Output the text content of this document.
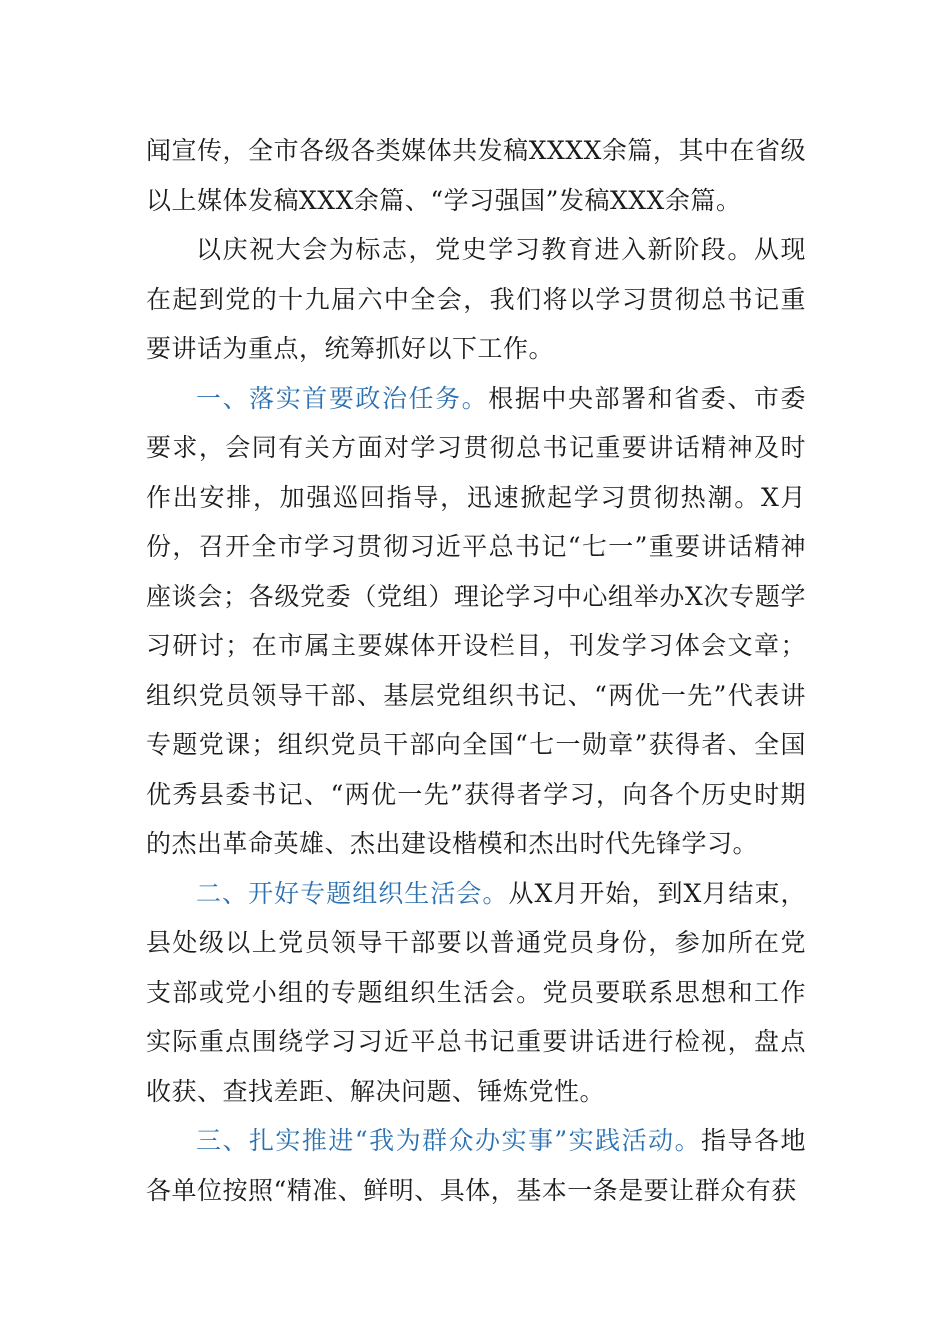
闻宣传，全市各级各类媒体共发稿XXXX余篇，其中在省级以上媒体发稿XXX余篇、“学习强国”发稿XXX余篇。

以庆祝大会为标志，党史学习教育进入新阶段。从现在起到党的十九届六中全会，我们将以学习贯彻总书记重要讲话为重点，统筹抓好以下工作。

一、落实首要政治任务。根据中央部署和省委、市委要求，会同有关方面对学习贯彻总书记重要讲话精神及时作出安排，加强巡回指导，迅速掀起学习贯彻热潮。X月份，召开全市学习贯彻习近平总书记“七一”重要讲话精神座谈会；各级党委（党组）理论学习中心组举办X次专题学习研讨；在市属主要媒体开设栏目，刊发学习体会文章；组织党员领导干部、基层党组织书记、“两优一先”代表讲专题党课；组织党员干部向全国“七一勋章”获得者、全国优秀县委书记、“两优一先”获得者学习，向各个历史时期的杰出革命英雄、杰出建设楷模和杰出时代先锋学习。

二、开好专题组织生活会。从X月开始，到X月结束，县处级以上党员领导干部要以普通党员身份，参加所在党支部或党小组的专题组织生活会。党员要联系思想和工作实际重点围绕学习习近平总书记重要讲话进行检视，盘点收获、查找差距、解决问题、锤炼党性。

三、扎实推进“我为群众办实事”实践活动。指导各地各单位按照“精准、鲜明、具体，基本一条是要让群众有获
